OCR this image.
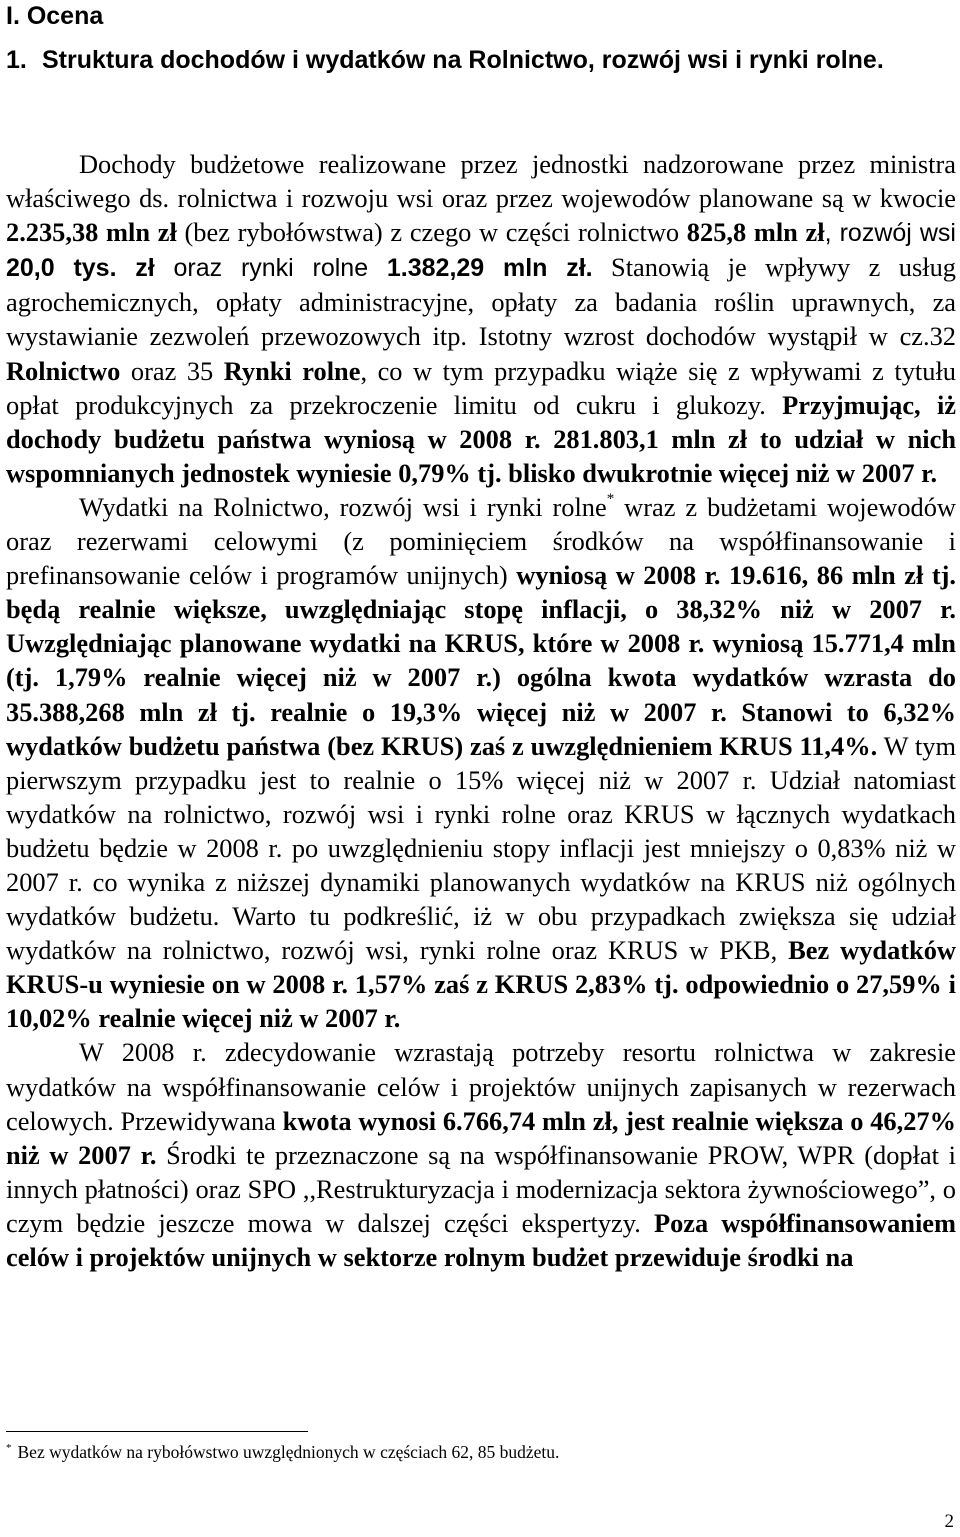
I. Ocena
1. Struktura dochodów i wydatków na Rolnictwo, rozwój wsi i rynki rolne.

Dochody budżetowe realizowane przez jednostki nadzorowane przez ministra właściwego ds. rolnictwa i rozwoju wsi oraz przez wojewodów planowane są w kwocie 2.235,38 mln zł (bez rybołówstwa) z czego w części rolnictwo 825,8 mln zł, rozwój wsi 20,0 tys. zł oraz rynki rolne 1.382,29 mln zł. Stanowią je wpływy z usług agrochemicznych, opłaty administracyjne, opłaty za badania roślin uprawnych, za wystawianie zezwoleń przewozowych itp. Istotny wzrost dochodów wystąpił w cz.32 Rolnictwo oraz 35 Rynki rolne, co w tym przypadku wiąże się z wpływami z tytułu opłat produkcyjnych za przekroczenie limitu od cukru i glukozy. Przyjmując, iż dochody budżetu państwa wyniosą w 2008 r. 281.803,1 mln zł to udział w nich wspomnianych jednostek wyniesie 0,79% tj. blisko dwukrotnie więcej niż w 2007 r.

Wydatki na Rolnictwo, rozwój wsi i rynki rolne* wraz z budżetami wojewodów oraz rezerwami celowymi (z pominięciem środków na współfinansowanie i prefinansowanie celów i programów unijnych) wyniosą w 2008 r. 19.616, 86 mln zł tj. będą realnie większe, uwzględniając stopę inflacji, o 38,32% niż w 2007 r. Uwzględniając planowane wydatki na KRUS, które w 2008 r. wyniosą 15.771,4 mln (tj. 1,79% realnie więcej niż w 2007 r.) ogólna kwota wydatków wzrasta do 35.388,268 mln zł tj. realnie o 19,3% więcej niż w 2007 r. Stanowi to 6,32% wydatków budżetu państwa (bez KRUS) zaś z uwzględnieniem KRUS 11,4%. W tym pierwszym przypadku jest to realnie o 15% więcej niż w 2007 r. Udział natomiast wydatków na rolnictwo, rozwój wsi i rynki rolne oraz KRUS w łącznych wydatkach budżetu będzie w 2008 r. po uwzględnieniu stopy inflacji jest mniejszy o 0,83% niż w 2007 r. co wynika z niższej dynamiki planowanych wydatków na KRUS niż ogólnych wydatków budżetu. Warto tu podkreślić, iż w obu przypadkach zwiększa się udział wydatków na rolnictwo, rozwój wsi, rynki rolne oraz KRUS w PKB, Bez wydatków KRUS-u wyniesie on w 2008 r. 1,57% zaś z KRUS 2,83% tj. odpowiednio o 27,59% i 10,02% realnie więcej niż w 2007 r.

W 2008 r. zdecydowanie wzrastają potrzeby resortu rolnictwa w zakresie wydatków na współfinansowanie celów i projektów unijnych zapisanych w rezerwach celowych. Przewidywana kwota wynosi 6.766,74 mln zł, jest realnie większa o 46,27% niż w 2007 r. Środki te przeznaczone są na współfinansowanie PROW, WPR (dopłat i innych płatności) oraz SPO ,,Restrukturyzacja i modernizacja sektora żywnościowego”, o czym będzie jeszcze mowa w dalszej części ekspertyzy. Poza współfinansowaniem celów i projektów unijnych w sektorze rolnym budżet przewiduje środki na

* Bez wydatków na rybołówstwo uwzględnionych w częściach 62, 85 budżetu.
2
